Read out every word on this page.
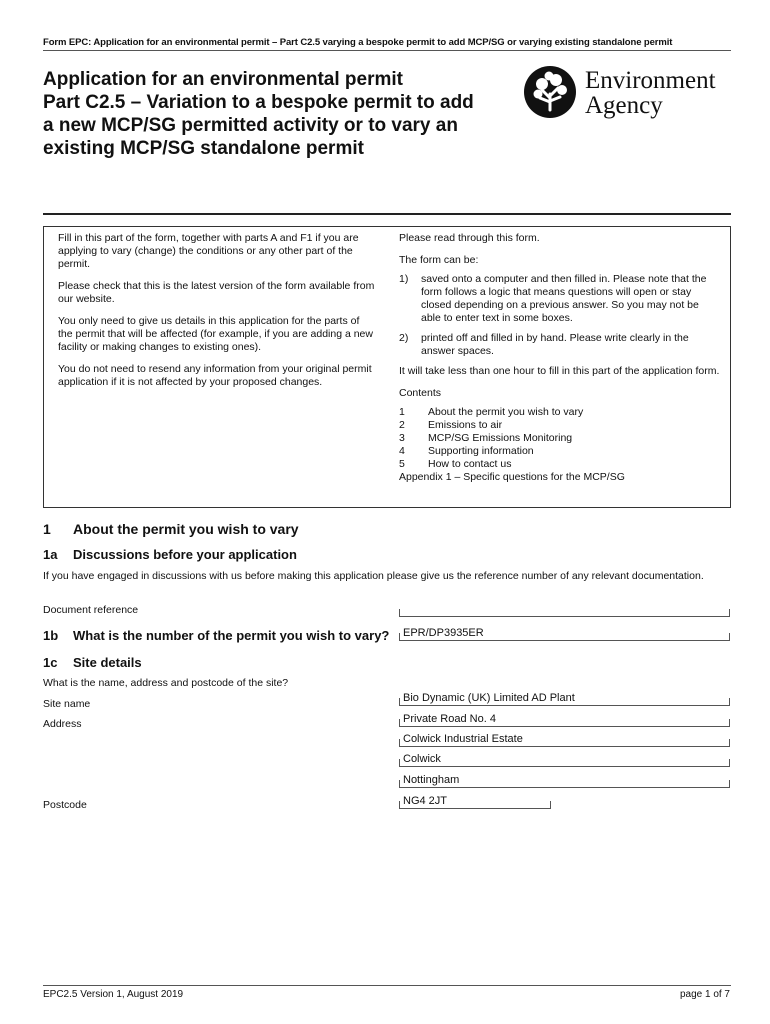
Form EPC: Application for an environmental permit – Part C2.5 varying a bespoke permit to add MCP/SG or varying existing standalone permit
Application for an environmental permit
Part C2.5 – Variation to a bespoke permit to add
a new MCP/SG permitted activity or to vary an
existing MCP/SG standalone permit
Environment
Agency

Fill in this part of the form, together with parts A and F1 if you are applying to vary (change) the conditions or any other part of the permit.

Please check that this is the latest version of the form available from our website.

You only need to give us details in this application for the parts of the permit that will be affected (for example, if you are adding a new facility or making changes to existing ones).

You do not need to resend any information from your original permit application if it is not affected by your proposed changes.

Please read through this form.

The form can be:

1)	saved onto a computer and then filled in. Please note that the form follows a logic that means questions will open or stay closed depending on a previous answer. So you may not be able to enter text in some boxes.
2)	printed off and filled in by hand. Please write clearly in the answer spaces.

It will take less than one hour to fill in this part of the application form.

Contents

1	About the permit you wish to vary
2	Emissions to air
3	MCP/SG Emissions Monitoring
4	Supporting information
5	How to contact us
Appendix 1 – Specific questions for the MCP/SG
1 About the permit you wish to vary
1a Discussions before your application
If you have engaged in discussions with us before making this application please give us the reference number of any relevant documentation.
Document reference
1b What is the number of the permit you wish to vary?	EPR/DP3935ER
1c Site details
What is the name, address and postcode of the site?
Site name	Bio Dynamic (UK) Limited AD Plant
Address	Private Road No. 4
Colwick Industrial Estate
Colwick
Nottingham
Postcode	NG4 2JT
EPC2.5 Version 1, August 2019	page 1 of 7
